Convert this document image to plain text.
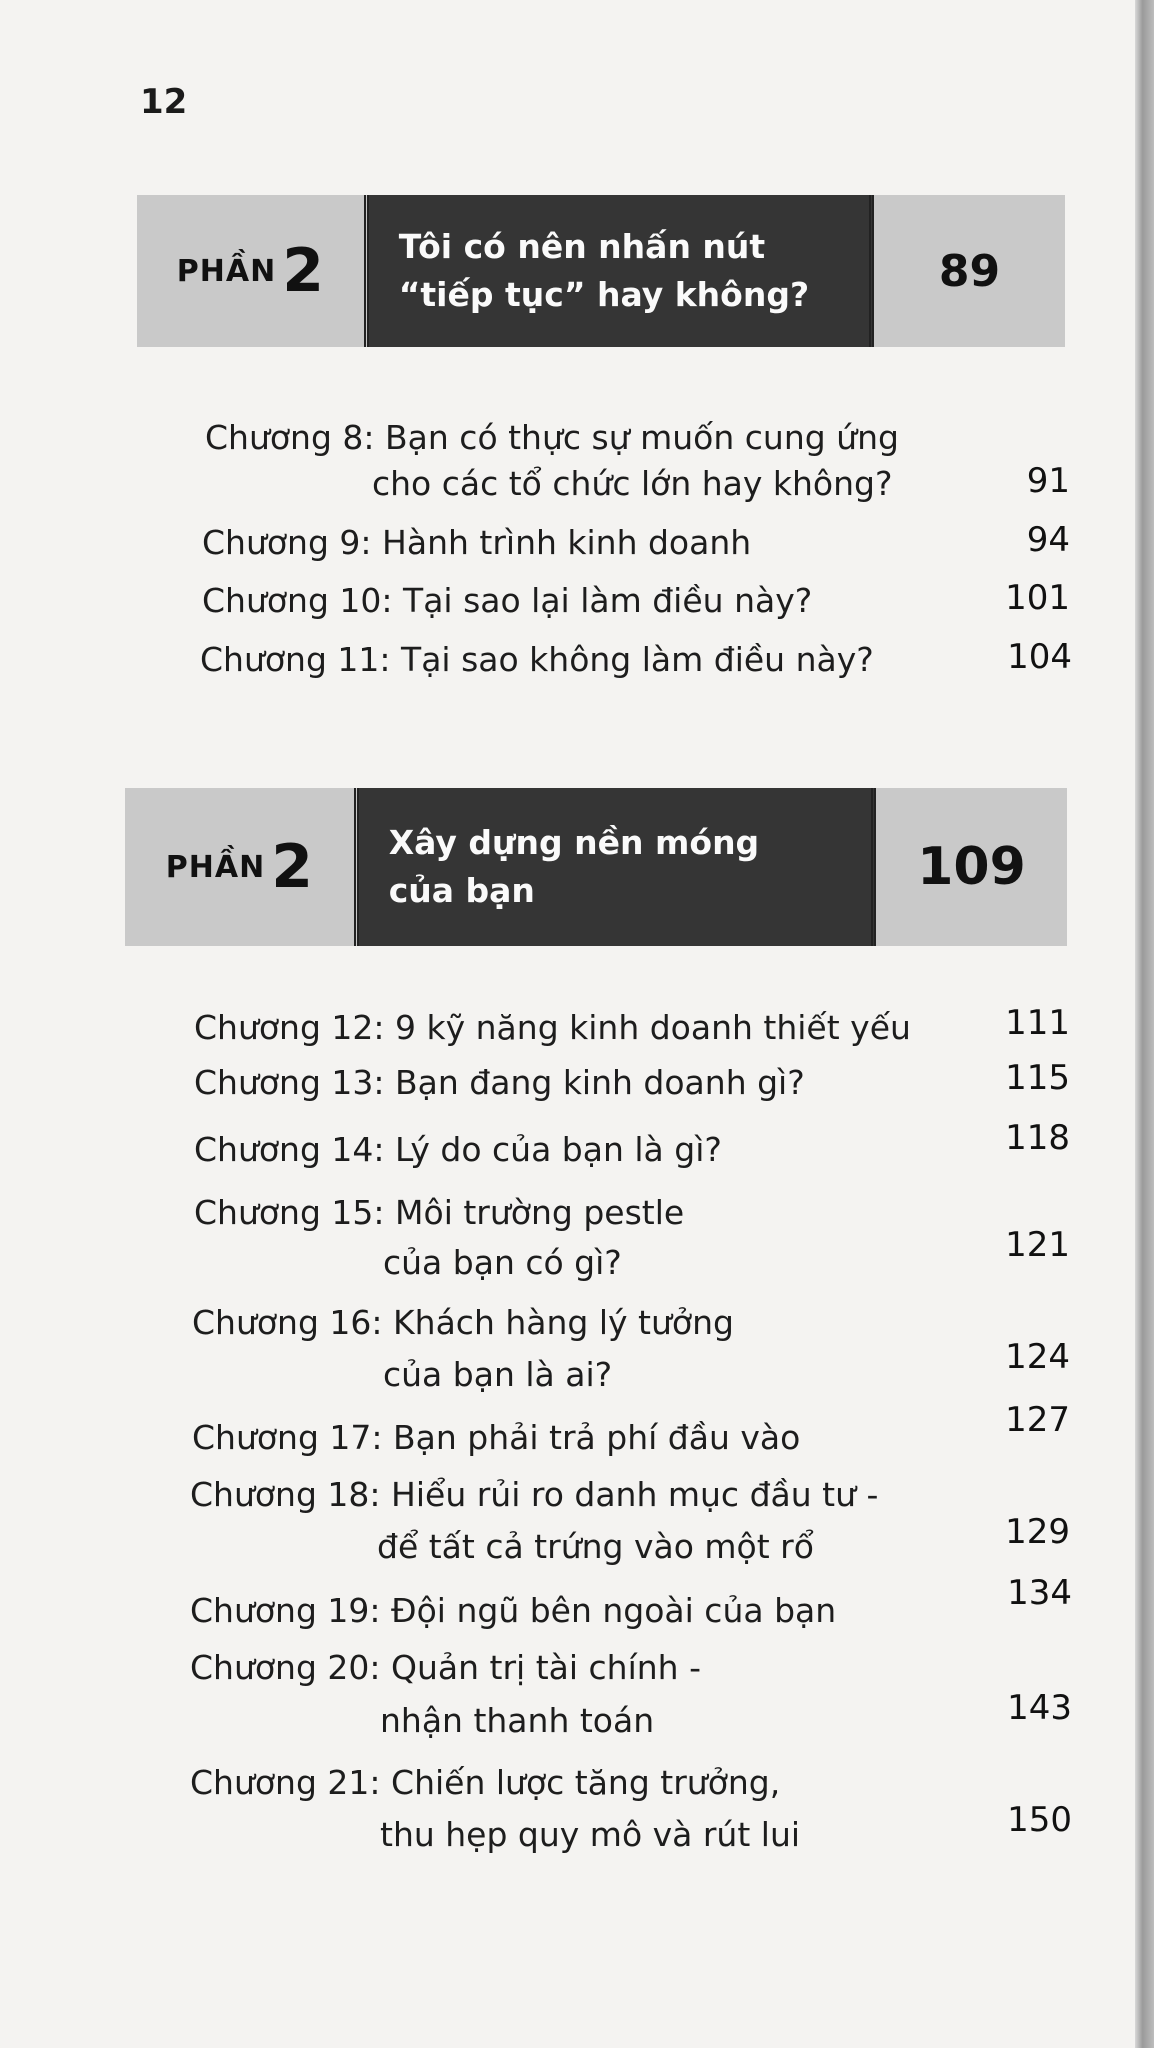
12
PHẦN 2 Tôi có nên nhấn nút
“tiếp tục” hay không?	89
Chương 8: Bạn có thực sự muốn cung ứng
cho các tổ chức lớn hay không?	91
Chương 9: Hành trình kinh doanh	94
Chương 10: Tại sao lại làm điều này?	101
Chương 11: Tại sao không làm điều này?	104
PHẦN 2 Xây dựng nền móng
của bạn	109
Chương 12: 9 kỹ năng kinh doanh thiết yếu	111
Chương 13: Bạn đang kinh doanh gì?	115
Chương 14: Lý do của bạn là gì?	118
Chương 15: Môi trường pestle
của bạn có gì?	121
Chương 16: Khách hàng lý tưởng
của bạn là ai?	124
Chương 17: Bạn phải trả phí đầu vào	127
Chương 18: Hiểu rủi ro danh mục đầu tư -
để tất cả trứng vào một rổ	129
Chương 19: Đội ngũ bên ngoài của bạn	134
Chương 20: Quản trị tài chính -
nhận thanh toán	143
Chương 21: Chiến lược tăng trưởng,
thu hẹp quy mô và rút lui	150
